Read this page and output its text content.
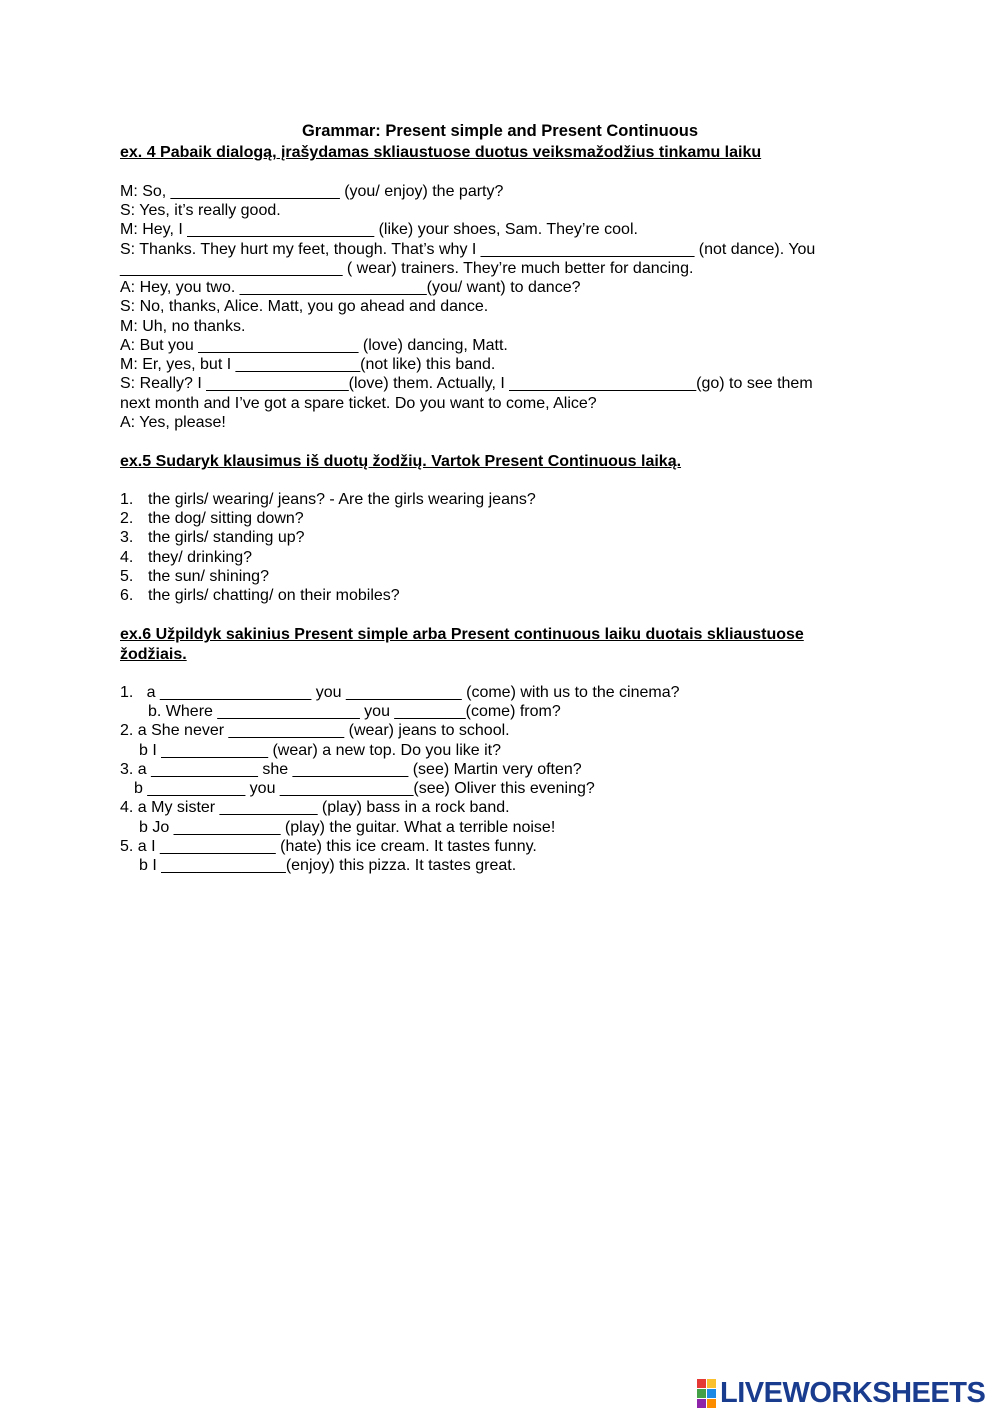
Grammar: Present simple and Present Continuous
ex. 4 Pabaik dialogą, įrašydamas skliaustuose duotus veiksmažodžius tinkamu laiku
M: So, ___________________ (you/ enjoy) the party?
S: Yes, it’s really good.
M: Hey, I _____________________ (like) your shoes, Sam. They’re cool.
S: Thanks. They hurt my feet, though. That’s why I ________________________ (not dance). You
_________________________ ( wear) trainers. They’re much better for dancing.
A: Hey, you two. _____________________(you/ want) to dance?
S: No, thanks, Alice. Matt, you go ahead and dance.
M: Uh, no thanks.
A: But you __________________ (love) dancing, Matt.
M: Er, yes, but I ______________(not like) this band.
S: Really? I ________________(love) them. Actually, I _____________________(go) to see them
next month and I’ve got a spare ticket. Do you want to come, Alice?
A: Yes, please!
ex.5 Sudaryk klausimus iš duotų žodžių. Vartok Present Continuous laiką.
1. the girls/ wearing/ jeans? - Are the girls wearing jeans?
2. the dog/ sitting down?
3. the girls/ standing up?
4. they/ drinking?
5. the sun/ shining?
6. the girls/ chatting/ on their mobiles?
ex.6 Užpildyk sakinius Present simple arba Present continuous laiku duotais skliaustuose
žodžiais.
1.   a _________________ you _____________ (come) with us to the cinema?
b. Where ________________ you ________(come) from?
2. a She never _____________ (wear) jeans to school.
b I ____________ (wear) a new top. Do you like it?
3. a ____________ she _____________ (see) Martin very often?
b ___________ you _______________(see) Oliver this evening?
4. a My sister ___________ (play) bass in a rock band.
b Jo ____________ (play) the guitar. What a terrible noise!
5. a I _____________ (hate) this ice cream. It tastes funny.
b I ______________(enjoy) this pizza. It tastes great.
LIVEWORKSHEETS
